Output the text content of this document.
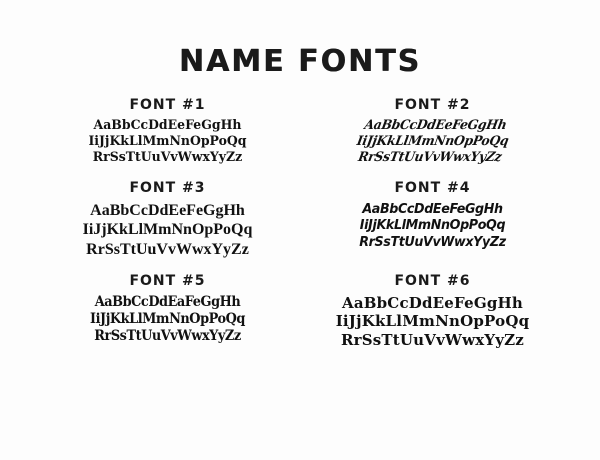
NAME FONTS
FONT #1
AaBbCcDdEeFeGgHh
IiJjKkLlMmNnOpPoQq
RrSsTtUuVvWwxYyZz
FONT #2
AaBbCcDdEeFeGgHh
IiJjKkLlMmNnOpPoQq
RrSsTtUuVvWwxYyZz
FONT #3
AaBbCcDdEeFeGgHh
IiJjKkLlMmNnOpPoQq
RrSsTtUuVvWwxYyZz
FONT #4
AaBbCcDdEeFeGgHh
IiJjKkLlMmNnOpPoQq
RrSsTtUuVvWwxYyZz
FONT #5
AaBbCcDdEaFeGgHh
IiJjKkLlMmNnOpPoQq
RrSsTtUuVvWwxYyZz
FONT #6
AaBbCcDdEeFeGgHh
IiJjKkLlMmNnOpPoQq
RrSsTtUuVvWwxYyZz
